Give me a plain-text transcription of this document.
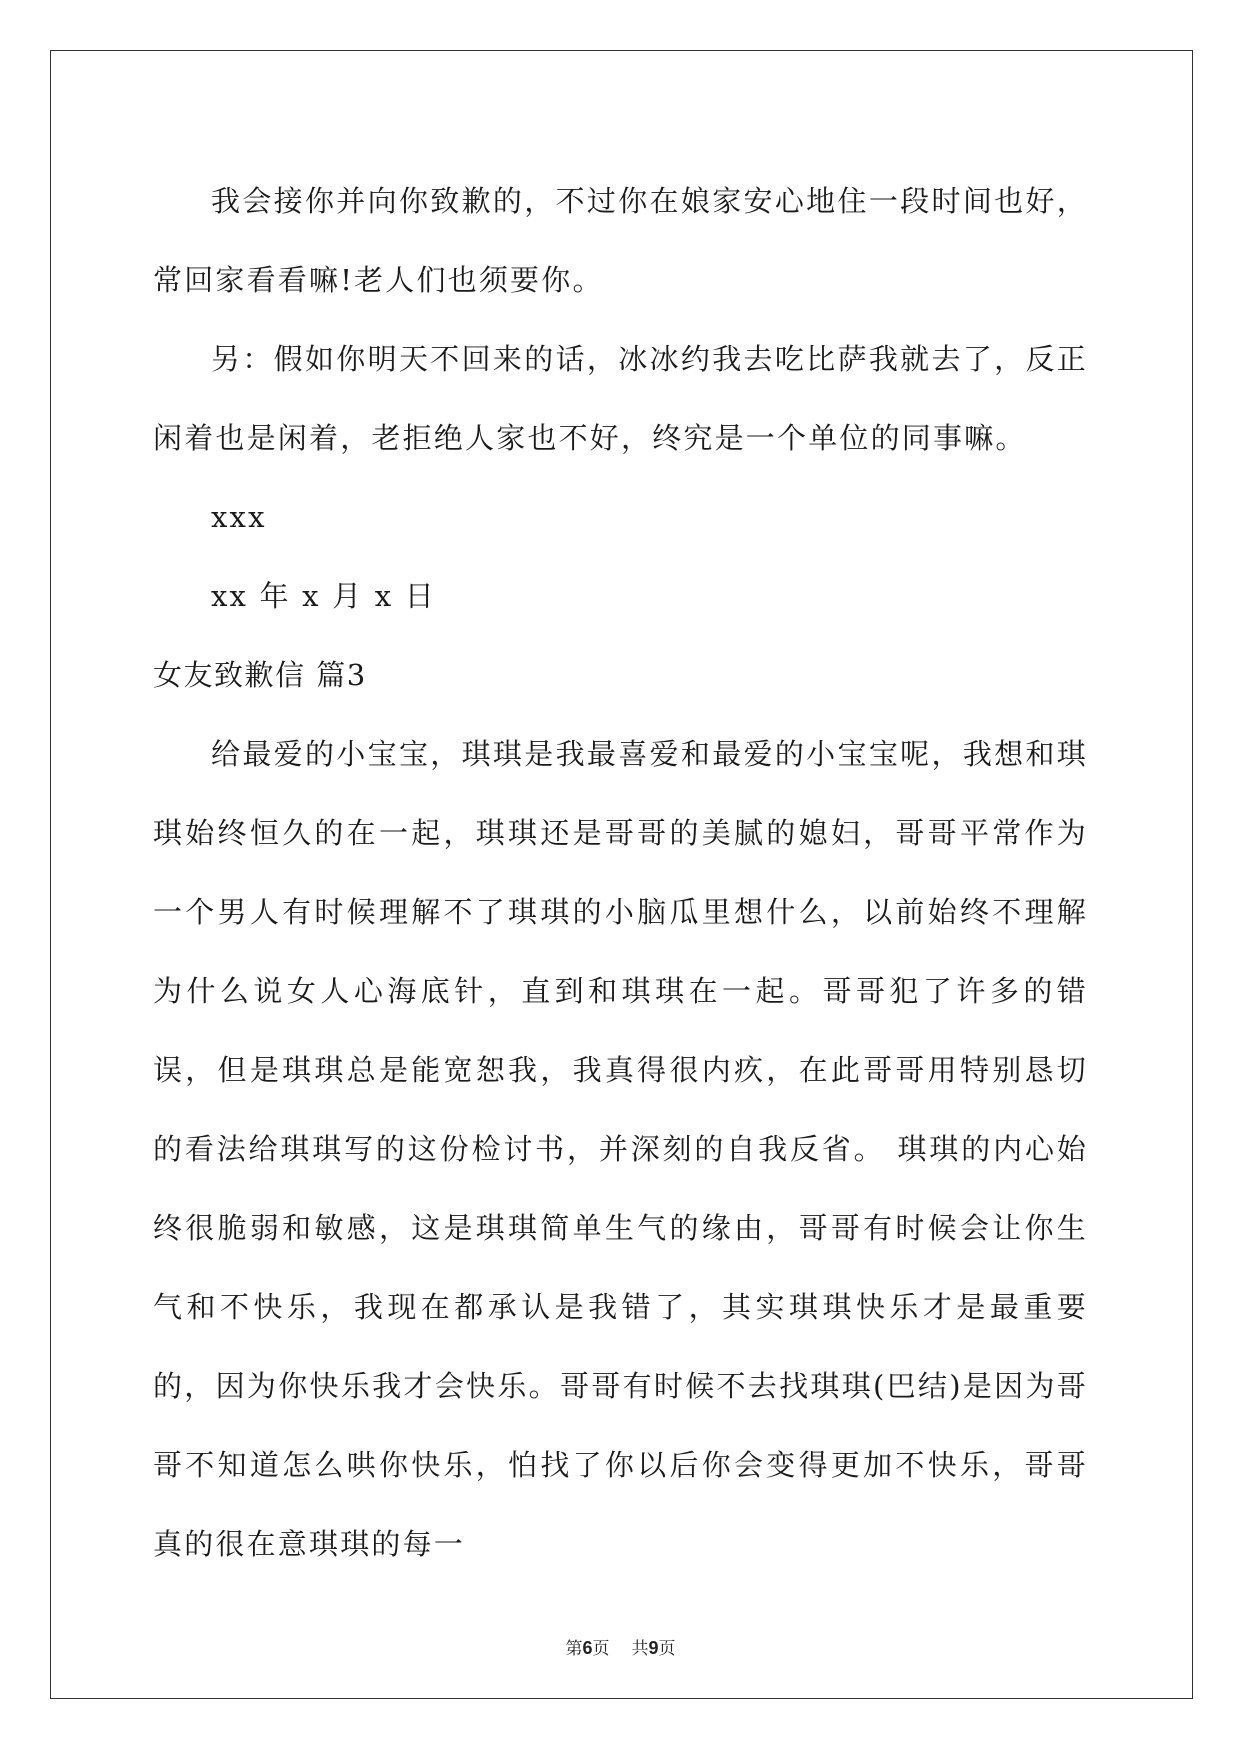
我会接你并向你致歉的，不过你在娘家安心地住一段时间也好，常回家看看嘛!老人们也须要你。

另：假如你明天不回来的话，冰冰约我去吃比萨我就去了，反正闲着也是闲着，老拒绝人家也不好，终究是一个单位的同事嘛。

xxx

xx 年 x 月 x 日

女友致歉信 篇3

给最爱的小宝宝，琪琪是我最喜爱和最爱的小宝宝呢，我想和琪琪始终恒久的在一起，琪琪还是哥哥的美腻的媳妇，哥哥平常作为一个男人有时候理解不了琪琪的小脑瓜里想什么，以前始终不理解为什么说女人心海底针，直到和琪琪在一起。哥哥犯了许多的错误，但是琪琪总是能宽恕我，我真得很内疚，在此哥哥用特别恳切的看法给琪琪写的这份检讨书，并深刻的自我反省。 琪琪的内心始终很脆弱和敏感，这是琪琪简单生气的缘由，哥哥有时候会让你生气和不快乐，我现在都承认是我错了，其实琪琪快乐才是最重要的，因为你快乐我才会快乐。哥哥有时候不去找琪琪(巴结)是因为哥哥不知道怎么哄你快乐，怕找了你以后你会变得更加不快乐，哥哥真的很在意琪琪的每一

第6页 共9页
